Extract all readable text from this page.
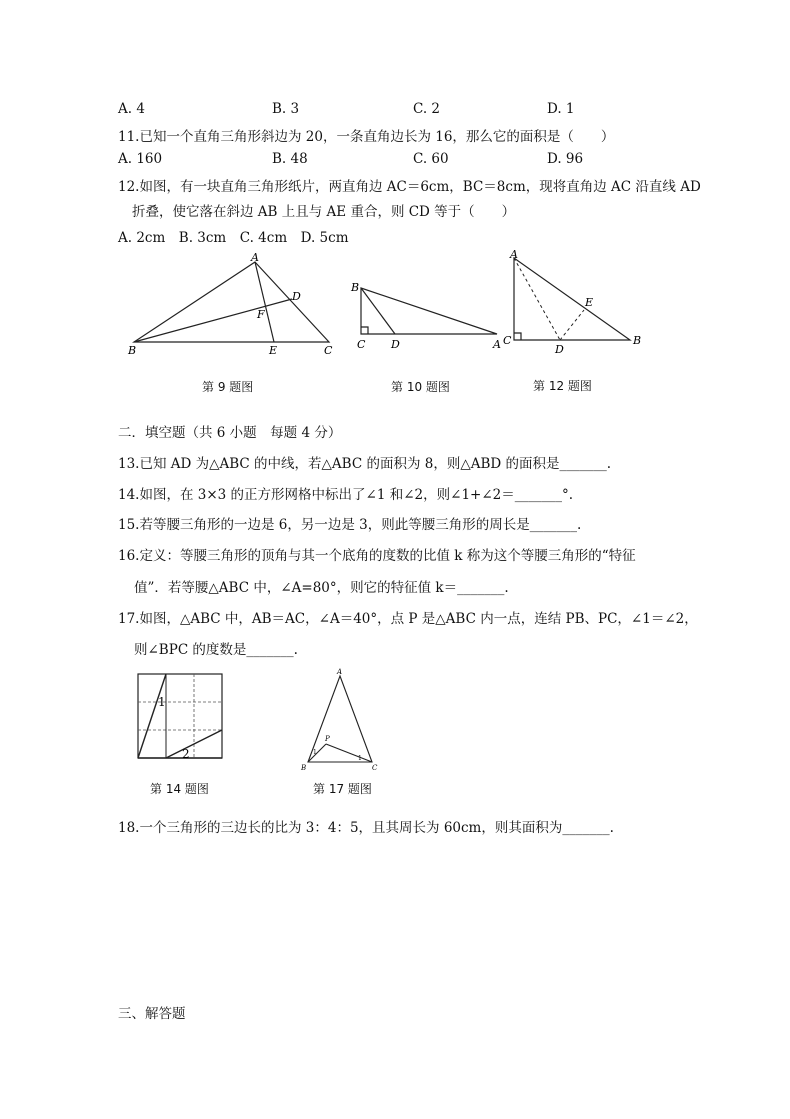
A. 4	B. 3	C. 2	D. 1
11.已知一个直角三角形斜边为 20，一条直角边长为 16，那么它的面积是（　　）
A. 160	B. 48	C. 60	D. 96
12.如图，有一块直角三角形纸片，两直角边 AC＝6cm，BC＝8cm，现将直角边 AC 沿直线 AD
折叠，使它落在斜边 AB 上且与 AE 重合，则 CD 等于（　　）
A. 2cm　B. 3cm　C. 4cm　D. 5cm
A
D
F
B	E	C
第 9 题图
B
C D	A
第 10 题图
A
E
C
D
B
第 12 题图
二．填空题（共 6 小题　每题 4 分）
13.已知 AD 为△ABC 的中线，若△ABC 的面积为 8，则△ABD 的面积是_______.
14.如图，在 3×3 的正方形网格中标出了∠1 和∠2，则∠1+∠2＝_______°.
15.若等腰三角形的一边是 6，另一边是 3，则此等腰三角形的周长是_______.
16.定义：等腰三角形的顶角与其一个底角的度数的比值 k 称为这个等腰三角形的“特征
值”．若等腰△ABC 中，∠A=80°，则它的特征值 k＝_______.
17.如图，△ABC 中，AB＝AC，∠A＝40°，点 P 是△ABC 内一点，连结 PB、PC，∠1＝∠2，
则∠BPC 的度数是_______.
1
2
第 14 题图
A
P
1
1
B	C
第 17 题图
18.一个三角形的三边长的比为 3：4：5，且其周长为 60cm，则其面积为_______.
三、解答题
